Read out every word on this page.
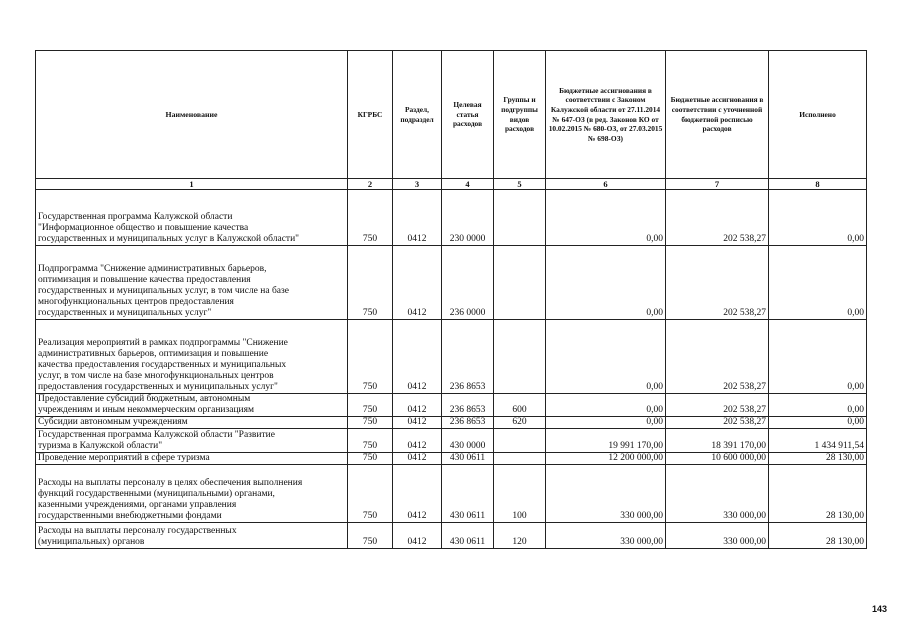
Наименование	КГРБС	Раздел, подраздел	Целевая статья расходов	Группы и подгруппы видов расходов	Бюджетные ассигнования в соответствии с Законом Калужской области от 27.11.2014 № 647-ОЗ (в ред. Законов КО от 10.02.2015 № 680-ОЗ, от 27.03.2015 № 698-ОЗ)	Бюджетные ассигнования в соответствии с уточненной бюджетной росписью расходов	Исполнено
1	2	3	4	5	6	7	8
Государственная программа Калужской области
"Информационное общество и повышение качества
государственных и муниципальных услуг в Калужской области"	750	0412	230 0000		0,00	202 538,27	0,00
Подпрограмма "Снижение административных барьеров,
оптимизация и повышение качества предоставления
государственных и муниципальных услуг, в том числе на базе
многофункциональных центров предоставления
государственных и муниципальных услуг"	750	0412	236 0000		0,00	202 538,27	0,00
Реализация мероприятий в рамках подпрограммы "Снижение
административных барьеров, оптимизация и повышение
качества предоставления государственных и муниципальных
услуг, в том числе на базе многофункциональных центров
предоставления государственных и муниципальных услуг"	750	0412	236 8653		0,00	202 538,27	0,00
Предоставление субсидий бюджетным, автономным
учреждениям и иным некоммерческим организациям	750	0412	236 8653	600	0,00	202 538,27	0,00
Субсидии автономным учреждениям	750	0412	236 8653	620	0,00	202 538,27	0,00
Государственная программа Калужской области "Развитие
туризма в Калужской области"	750	0412	430 0000		19 991 170,00	18 391 170,00	1 434 911,54
Проведение мероприятий в сфере туризма	750	0412	430 0611		12 200 000,00	10 600 000,00	28 130,00
Расходы на выплаты персоналу в целях обеспечения выполнения
функций государственными (муниципальными) органами,
казенными учреждениями, органами управления
государственными внебюджетными фондами	750	0412	430 0611	100	330 000,00	330 000,00	28 130,00
Расходы на выплаты персоналу государственных
(муниципальных) органов	750	0412	430 0611	120	330 000,00	330 000,00	28 130,00
143
